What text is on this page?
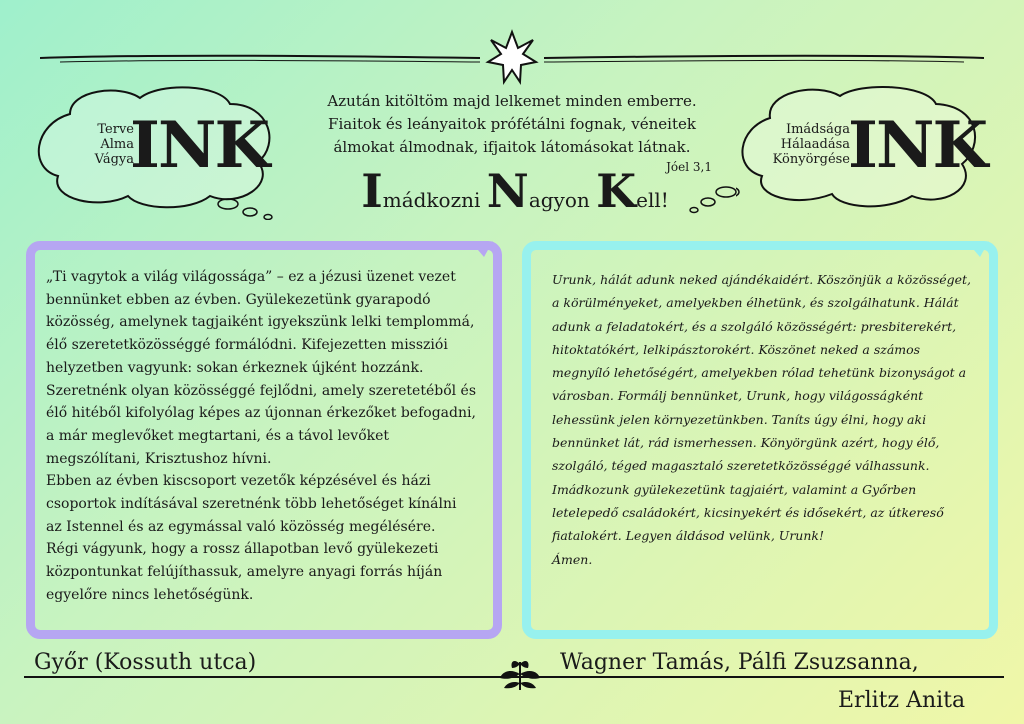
Terve
Alma
Vágya
INK	Imádsága
Hálaadása
Könyörgése
INK
Azután kitöltöm majd lelkemet minden emberre.
Fiaitok és leányaitok prófétálni fognak, véneitek
álmokat álmodnak, ifjaitok látomásokat látnak.
Jóel 3,1
Imádkozni Nagyon Kell!

„Ti vagytok a világ világossága” – ez a jézusi üzenet vezet bennünket ebben az évben. Gyülekezetünk gyarapodó közösség, amelynek tagjaiként igyekszünk lelki templommá, élő szeretetközösséggé formálódni. Kifejezetten missziói helyzetben vagyunk: sokan érkeznek újként hozzánk. Szeretnénk olyan közösséggé fejlődni, amely szeretetéből és élő hitéből kifolyólag képes az újonnan érkezőket befogadni, a már meglevőket megtartani, és a távol levőket megszólítani, Krisztushoz hívni.

Ebben az évben kiscsoport vezetők képzésével és házi csoportok indításával szeretnénk több lehetőséget kínálni az Istennel és az egymással való közösség megélésére.

Régi vágyunk, hogy a rossz állapotban levő gyülekezeti központunkat felújíthassuk, amelyre anyagi forrás híján egyelőre nincs lehetőségünk.

Urunk, hálát adunk neked ajándékaidért. Köszönjük a közösséget, a körülményeket, amelyekben élhetünk, és szolgálhatunk. Hálát adunk a feladatokért, és a szolgáló közösségért: presbiterekért, hitoktatókért, lelkipásztorokért. Köszönet neked a számos megnyíló lehetőségért, amelyekben rólad tehetünk bizonyságot a városban. Formálj bennünket, Urunk, hogy világosságként lehessünk jelen környezetünkben. Taníts úgy élni, hogy aki bennünket lát, rád ismerhessen. Könyörgünk azért, hogy élő, szolgáló, téged magasztaló szeretetközösséggé válhassunk.

Imádkozunk gyülekezetünk tagjaiért, valamint a Győrben letelepedő családokért, kicsinyekért és idősekért, az útkereső fiatalokért. Legyen áldásod velünk, Urunk!

Ámen.

Győr (Kossuth utca)	Wagner Tamás, Pálfi Zsuzsanna,
Erlitz Anita
